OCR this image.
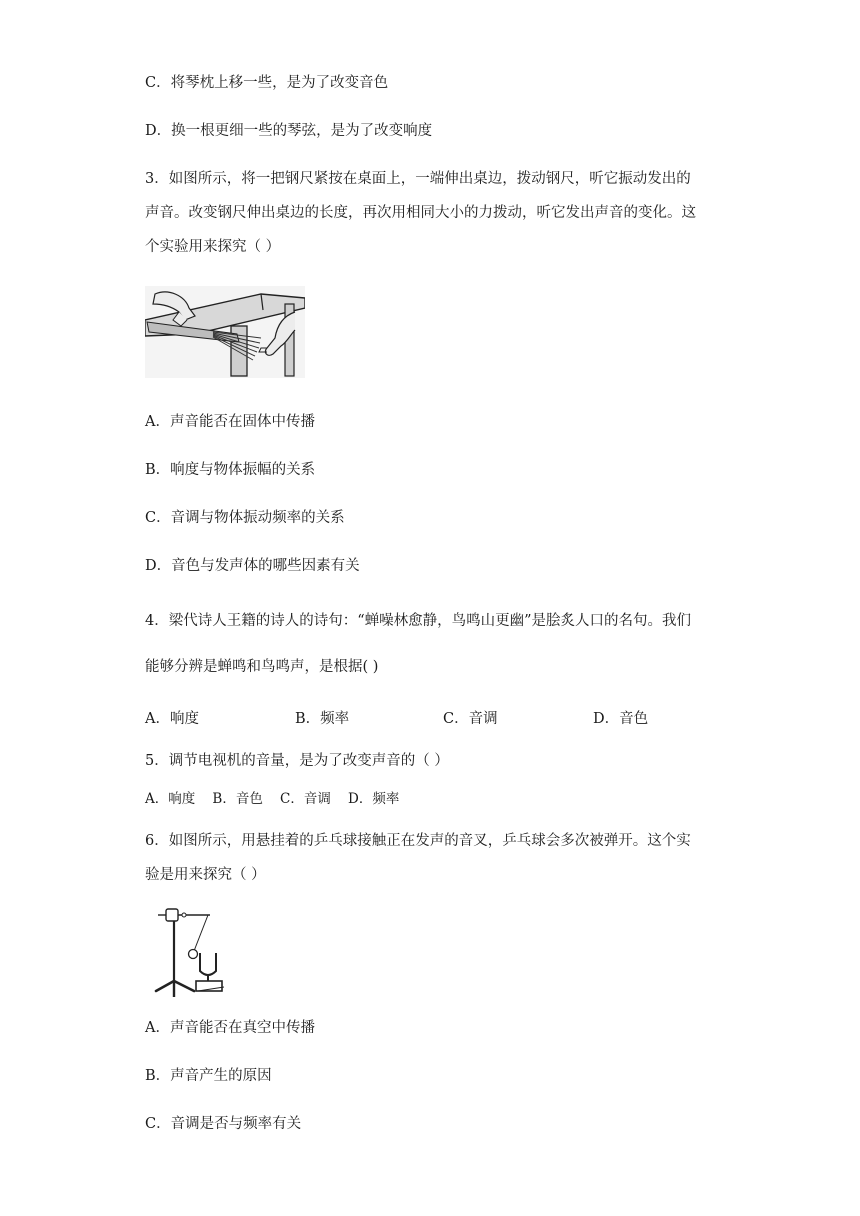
C．将琴枕上移一些，是为了改变音色
D．换一根更细一些的琴弦，是为了改变响度
3．如图所示，将一把钢尺紧按在桌面上，一端伸出桌边，拨动钢尺，听它振动发出的
声音。改变钢尺伸出桌边的长度，再次用相同大小的力拨动，听它发出声音的变化。这
个实验用来探究（ ）
A．声音能否在固体中传播
B．响度与物体振幅的关系
C．音调与物体振动频率的关系
D．音色与发声体的哪些因素有关
4．梁代诗人王籍的诗人的诗句：“蝉噪林愈静，鸟鸣山更幽”是脍炙人口的名句。我们
能够分辨是蝉鸣和鸟鸣声，是根据( )
A．响度	B．频率	C．音调	D．音色
5．调节电视机的音量，是为了改变声音的（ ）
A．响度    B．音色    C．音调    D．频率
6．如图所示，用悬挂着的乒乓球接触正在发声的音叉，乒乓球会多次被弹开。这个实
验是用来探究（ ）
A．声音能否在真空中传播
B．声音产生的原因
C．音调是否与频率有关
